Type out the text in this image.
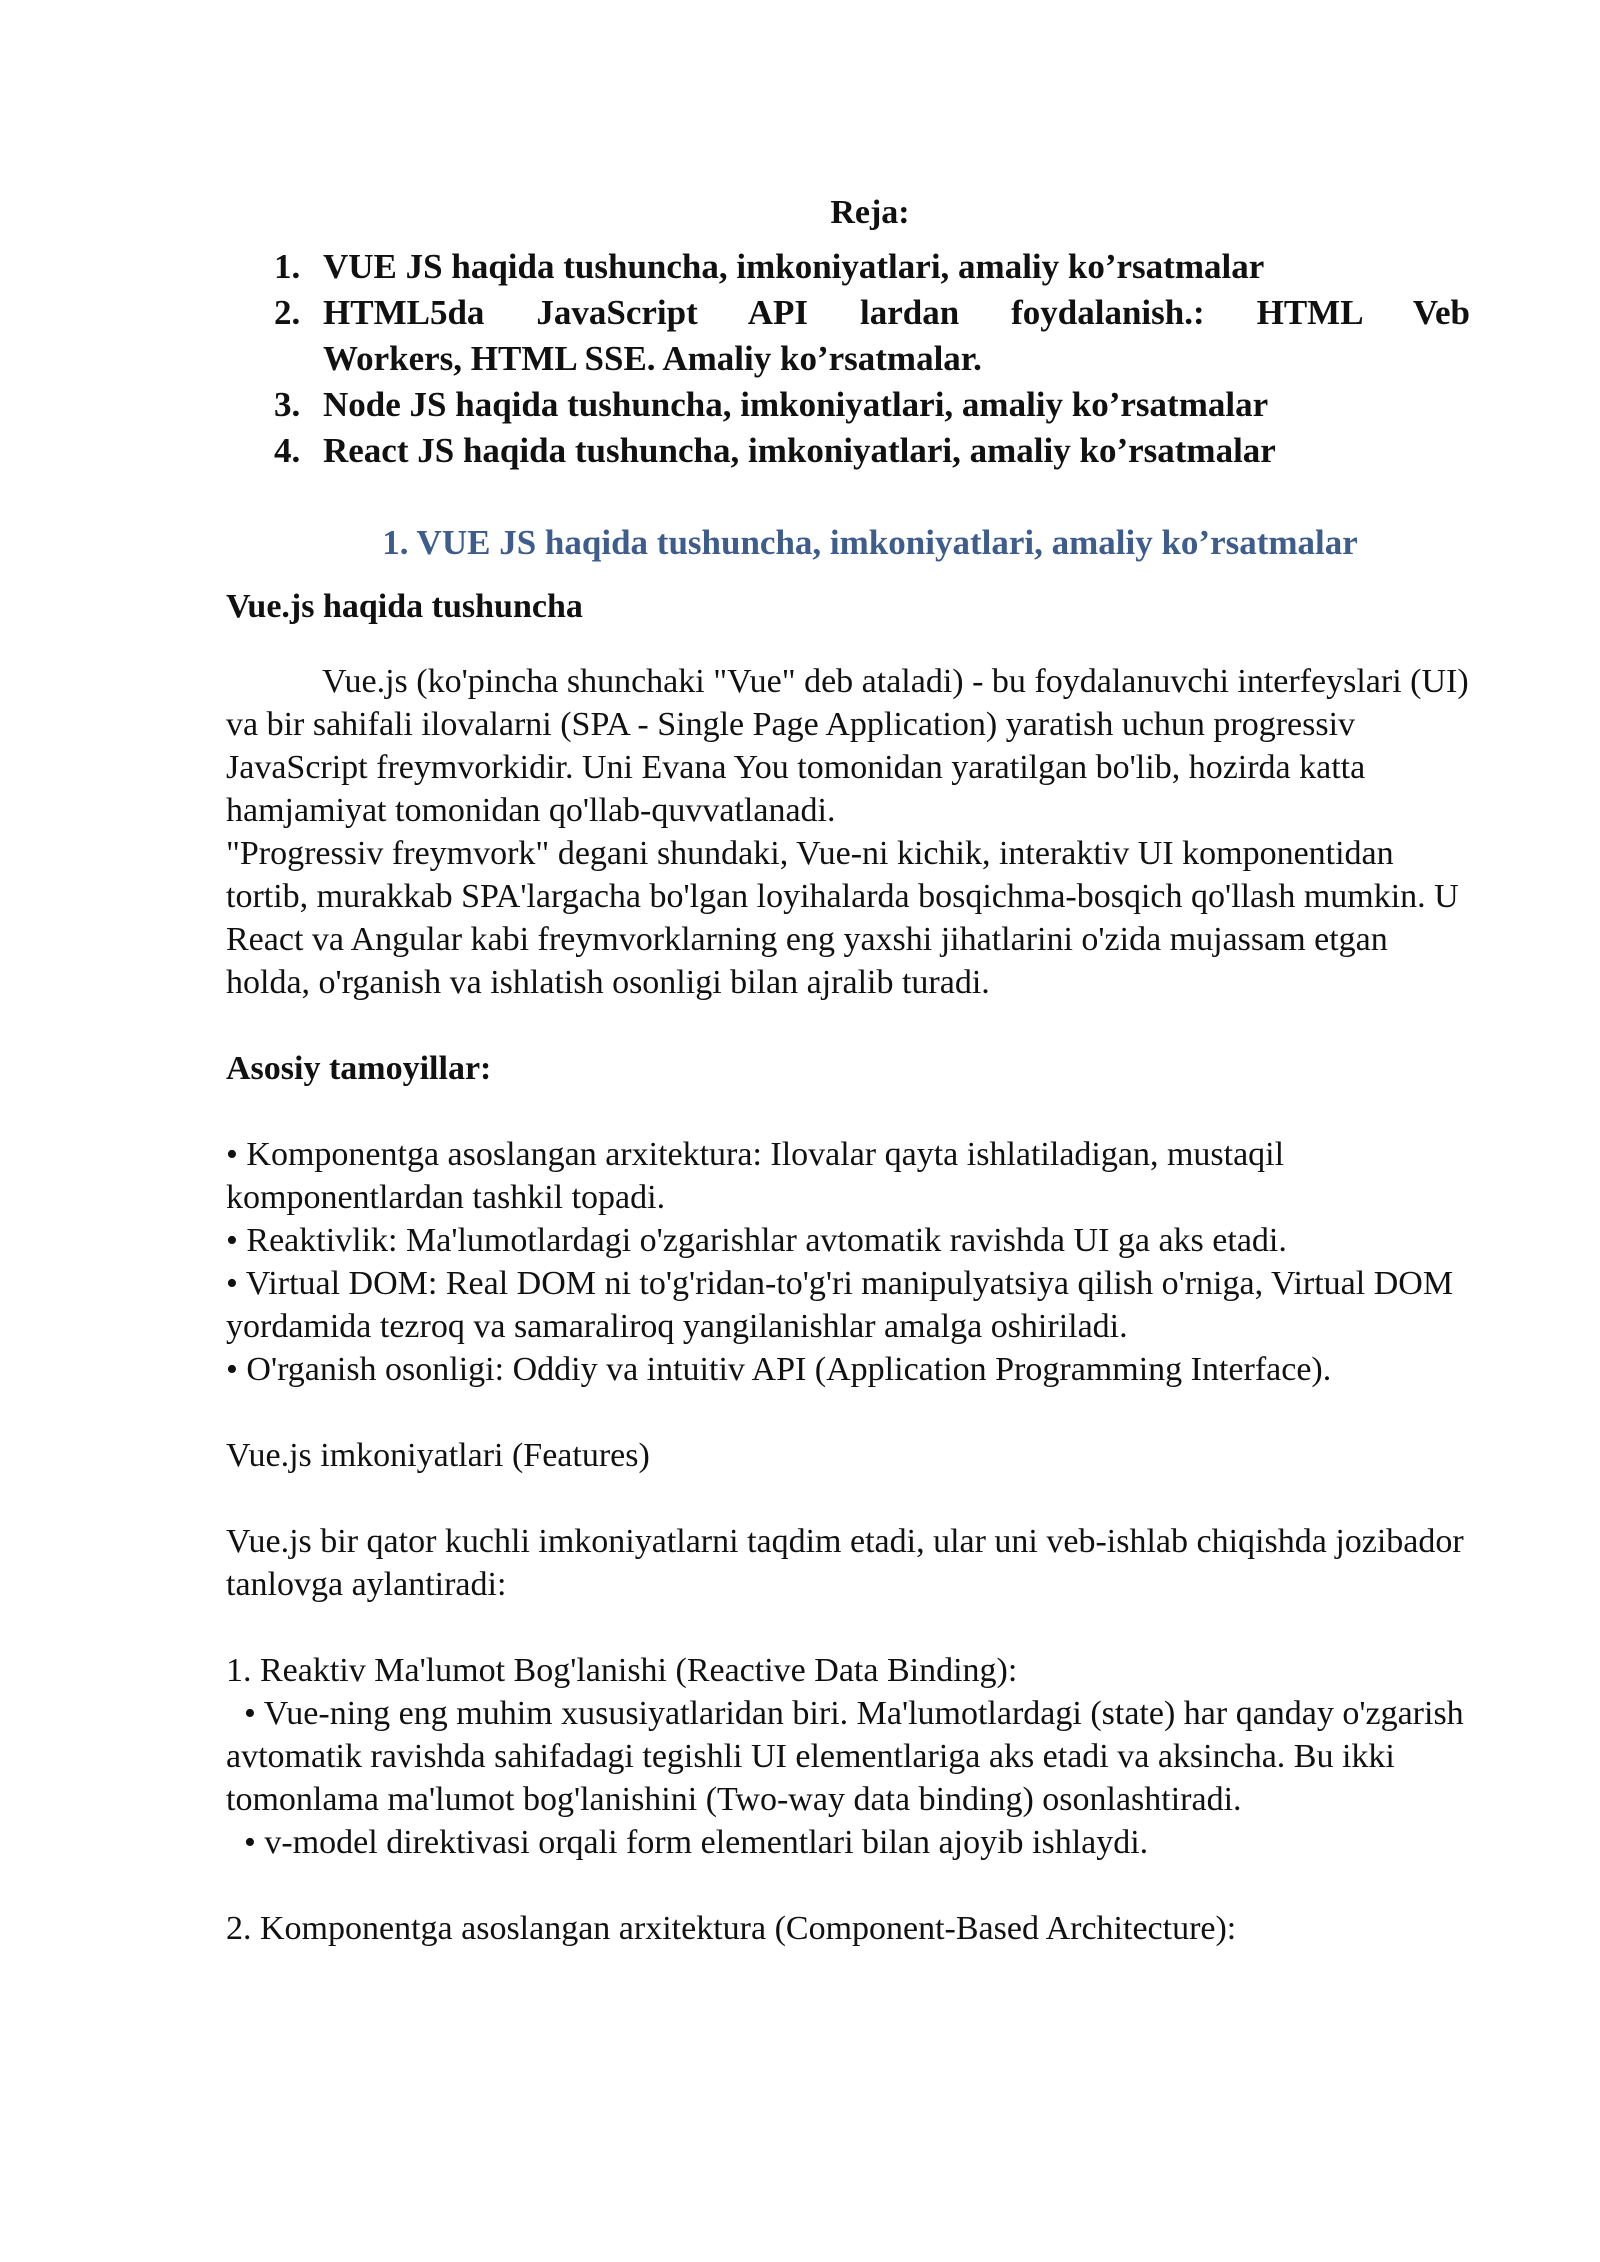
Reja:
1. VUE JS haqida tushuncha, imkoniyatlari, amaliy ko’rsatmalar
2. HTML5da JavaScript API lardan foydalanish.: HTML Veb
Workers, HTML SSE. Amaliy ko’rsatmalar.
3. Node JS haqida tushuncha, imkoniyatlari, amaliy ko’rsatmalar
4. React JS haqida tushuncha, imkoniyatlari, amaliy ko’rsatmalar
1. VUE JS haqida tushuncha, imkoniyatlari, amaliy ko’rsatmalar
Vue.js haqida tushuncha

Vue.js (ko'pincha shunchaki "Vue" deb ataladi) - bu foydalanuvchi interfeyslari (UI) va bir sahifali ilovalarni (SPA - Single Page Application) yaratish uchun progressiv JavaScript freymvorkidir. Uni Evana You tomonidan yaratilgan bo'lib, hozirda katta hamjamiyat tomonidan qo'llab-quvvatlanadi.

"Progressiv freymvork" degani shundaki, Vue-ni kichik, interaktiv UI komponentidan tortib, murakkab SPA'largacha bo'lgan loyihalarda bosqichma-bosqich qo'llash mumkin. U React va Angular kabi freymvorklarning eng yaxshi jihatlarini o'zida mujassam etgan holda, o'rganish va ishlatish osonligi bilan ajralib turadi.

Asosiy tamoyillar:

• Komponentga asoslangan arxitektura: Ilovalar qayta ishlatiladigan, mustaqil komponentlardan tashkil topadi.

• Reaktivlik: Ma'lumotlardagi o'zgarishlar avtomatik ravishda UI ga aks etadi.

• Virtual DOM: Real DOM ni to'g'ridan-to'g'ri manipulyatsiya qilish o'rniga, Virtual DOM yordamida tezroq va samaraliroq yangilanishlar amalga oshiriladi.

• O'rganish osonligi: Oddiy va intuitiv API (Application Programming Interface).

Vue.js imkoniyatlari (Features)

Vue.js bir qator kuchli imkoniyatlarni taqdim etadi, ular uni veb-ishlab chiqishda jozibador tanlovga aylantiradi:

1. Reaktiv Ma'lumot Bog'lanishi (Reactive Data Binding):

• Vue-ning eng muhim xususiyatlaridan biri. Ma'lumotlardagi (state) har qanday o'zgarish avtomatik ravishda sahifadagi tegishli UI elementlariga aks etadi va aksincha. Bu ikki tomonlama ma'lumot bog'lanishini (Two-way data binding) osonlashtiradi.

• v-model direktivasi orqali form elementlari bilan ajoyib ishlaydi.

2. Komponentga asoslangan arxitektura (Component-Based Architecture):
